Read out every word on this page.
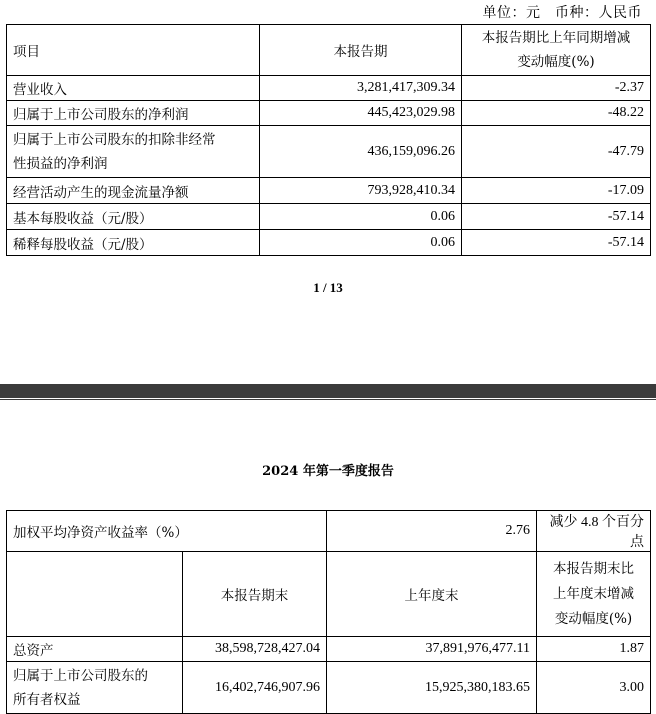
单位：元　币种：人民币
项目	本报告期	本报告期比上年同期增减
变动幅度(%)

营业收入	3,281,417,309.34	-2.37
归属于上市公司股东的净利润	445,423,029.98	-48.22

归属于上市公司股东的扣除非经常
性损益的净利润	436,159,096.26	-47.79
经营活动产生的现金流量净额	793,928,410.34	-17.09
基本每股收益（元/股）	0.06	-57.14
稀释每股收益（元/股）	0.06	-57.14
1 / 13
2024 年第一季度报告
加权平均净资产收益率（%）		2.76	减少 4.8 个百分点
	本报告期末	上年度末	本报告期末比
上年度末增减
变动幅度(%)

总资产	38,598,728,427.04	37,891,976,477.11	1.87

归属于上市公司股东的
所有者权益	16,402,746,907.96	15,925,380,183.65	3.00
